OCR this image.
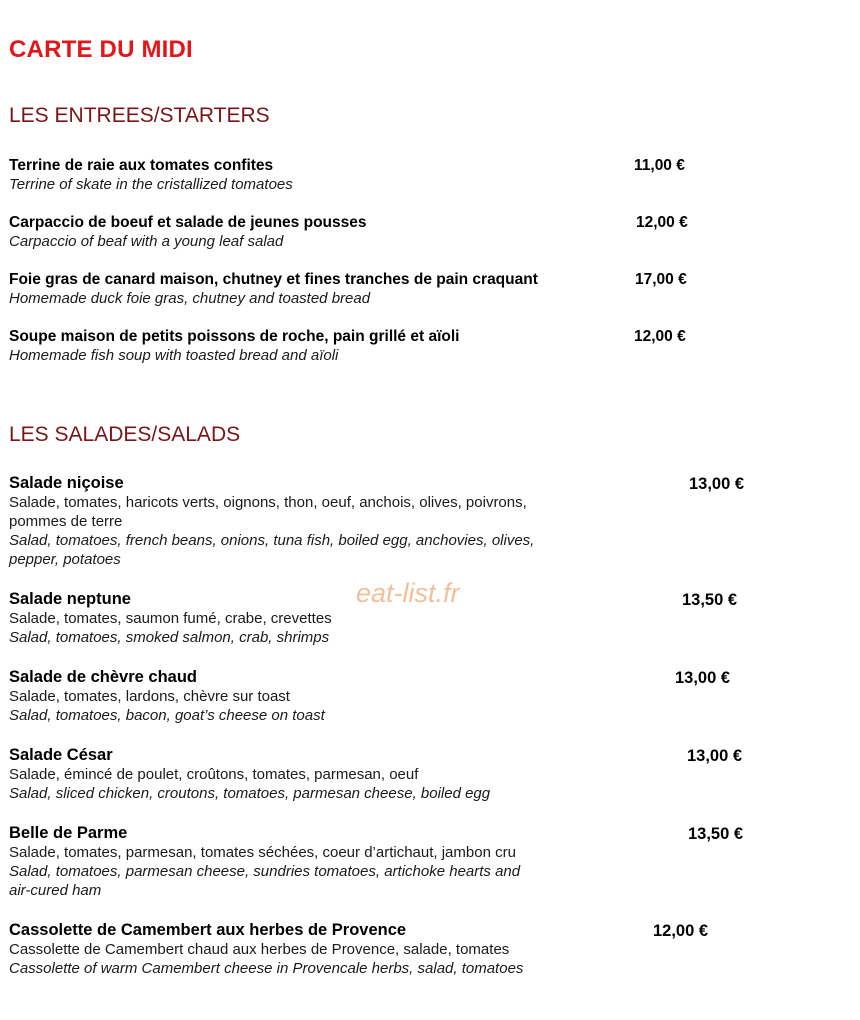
CARTE DU MIDI
LES ENTREES/STARTERS
Terrine de raie aux tomates confites
Terrine of skate in the cristallized tomatoes
11,00 €
Carpaccio de boeuf et salade de jeunes pousses
Carpaccio of beaf with a young leaf salad
12,00 €
Foie gras de canard maison, chutney et fines tranches de pain craquant
Homemade duck foie gras, chutney and toasted bread
17,00 €
Soupe maison de petits poissons de roche, pain grillé et aïoli
Homemade fish soup with toasted bread and aïoli
12,00 €
LES SALADES/SALADS
Salade niçoise
Salade, tomates, haricots verts, oignons, thon, oeuf, anchois, olives, poivrons,
pommes de terre
Salad, tomatoes, french beans, onions, tuna fish, boiled egg, anchovies, olives,
pepper, potatoes
13,00 €
eat-list.fr
Salade neptune
Salade, tomates, saumon fumé, crabe, crevettes
Salad, tomatoes, smoked salmon, crab, shrimps
13,50 €
Salade de chèvre chaud
Salade, tomates, lardons, chèvre sur toast
Salad, tomatoes, bacon, goat’s cheese on toast
13,00 €
Salade César
Salade, émincé de poulet, croûtons, tomates, parmesan, oeuf
Salad, sliced chicken, croutons, tomatoes, parmesan cheese, boiled egg
13,00 €
Belle de Parme
Salade, tomates, parmesan, tomates séchées, coeur d’artichaut, jambon cru
Salad, tomatoes, parmesan cheese, sundries tomatoes, artichoke hearts and
air-cured ham
13,50 €
Cassolette de Camembert aux herbes de Provence
Cassolette de Camembert chaud aux herbes de Provence, salade, tomates
Cassolette of warm Camembert cheese in Provencale herbs, salad, tomatoes
12,00 €
